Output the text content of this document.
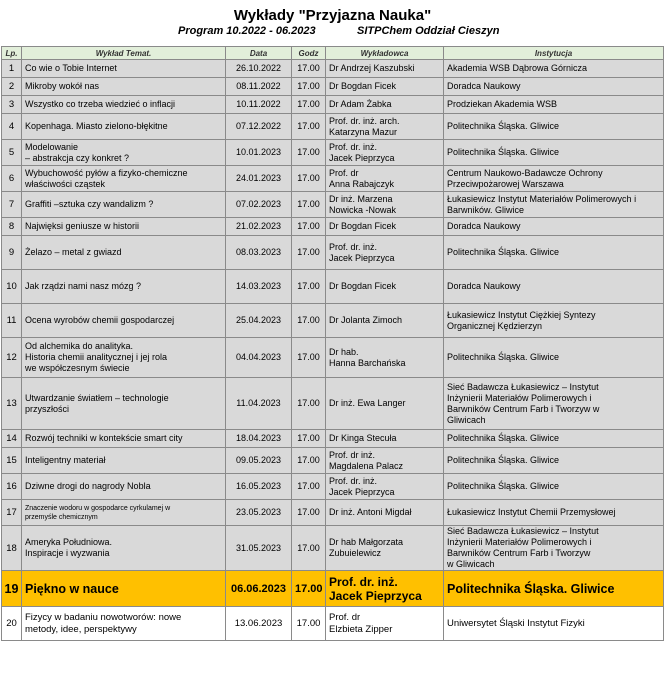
Wykłady "Przyjazna Nauka"
Program 10.2022 - 06.2023	SITPChem Oddział Cieszyn
Lp.	Wykład Temat.	Data	Godz	Wykładowca	Instytucja
1	Co wie o Tobie Internet	26.10.2022	17.00	Dr Andrzej Kaszubski	Akademia WSB Dąbrowa Górnicza
2	Mikroby wokół nas	08.11.2022	17.00	Dr Bogdan Ficek	Doradca Naukowy
3	Wszystko co trzeba wiedzieć o inflacji	10.11.2022	17.00	Dr Adam Żabka	Prodziekan Akademia WSB
4	Kopenhaga. Miasto zielono-błękitne	07.12.2022	17.00	Prof. dr. inż. arch.
Katarzyna Mazur	Politechnika Śląska. Gliwice
5	Modelowanie
– abstrakcja czy konkret ?	10.01.2023	17.00	Prof. dr. inż.
Jacek Pieprzyca	Politechnika Śląska. Gliwice
6	Wybuchowość pyłów a fizyko-chemiczne
właściwości cząstek	24.01.2023	17.00	Prof. dr
Anna Rabajczyk	Centrum Naukowo-Badawcze Ochrony
Przeciwpożarowej Warszawa
7	Graffiti –sztuka czy wandalizm ?	07.02.2023	17.00	Dr inż. Marzena
Nowicka -Nowak	Łukasiewicz Instytut Materiałów Polimerowych i
Barwników. Gliwice
8	Najwięksi geniusze w historii	21.02.2023	17.00	Dr Bogdan Ficek	Doradca Naukowy
9	Żelazo – metal z gwiazd	08.03.2023	17.00	Prof. dr. inż.
Jacek Pieprzyca	Politechnika Śląska. Gliwice
10	Jak rządzi nami nasz mózg ?	14.03.2023	17.00	Dr Bogdan Ficek	Doradca Naukowy
11	Ocena wyrobów chemii gospodarczej	25.04.2023	17.00	Dr Jolanta Zimoch	Łukasiewicz Instytut Ciężkiej Syntezy
Organicznej Kędzierzyn
12	Od alchemika do analityka.
Historia chemii analitycznej i jej rola
we współczesnym świecie	04.04.2023	17.00	Dr hab.
Hanna Barchańska	Politechnika Śląska. Gliwice
13	Utwardzanie światłem – technologie
przyszłości	11.04.2023	17.00	Dr inż. Ewa Langer	Sieć Badawcza Łukasiewicz – Instytut
Inżynierii Materiałów Polimerowych i
Barwników Centrum Farb i Tworzyw w
Gliwicach
14	Rozwój techniki w kontekście smart city	18.04.2023	17.00	Dr Kinga Stecuła	Politechnika Śląska. Gliwice
15	Inteligentny materiał	09.05.2023	17.00	Prof. dr inż.
Magdalena Palacz	Politechnika Śląska. Gliwice
16	Dziwne drogi do nagrody Nobla	16.05.2023	17.00	Prof. dr. inż.
Jacek Pieprzyca	Politechnika Śląska. Gliwice
17	Znaczenie wodoru w gospodarce cyrkulamej w
przemyśle chemicznym	23.05.2023	17.00	Dr inż. Antoni Migdał	Łukasiewicz Instytut Chemii Przemysłowej
18	Ameryka Południowa.
Inspiracje i wyzwania	31.05.2023	17.00	Dr hab Małgorzata
Zubuielewicz	Sieć Badawcza Łukasiewicz – Instytut
Inżynierii Materiałów Polimerowych i
Barwników Centrum Farb i Tworzyw
w Gliwicach
19	Piękno w nauce	06.06.2023	17.00	Prof. dr. inż.
Jacek Pieprzyca	Politechnika Śląska. Gliwice
20	Fizycy w badaniu nowotworów: nowe
metody, idee, perspektywy	13.06.2023	17.00	Prof. dr
Elzbieta Zipper	Uniwersytet Śląski Instytut Fizyki
